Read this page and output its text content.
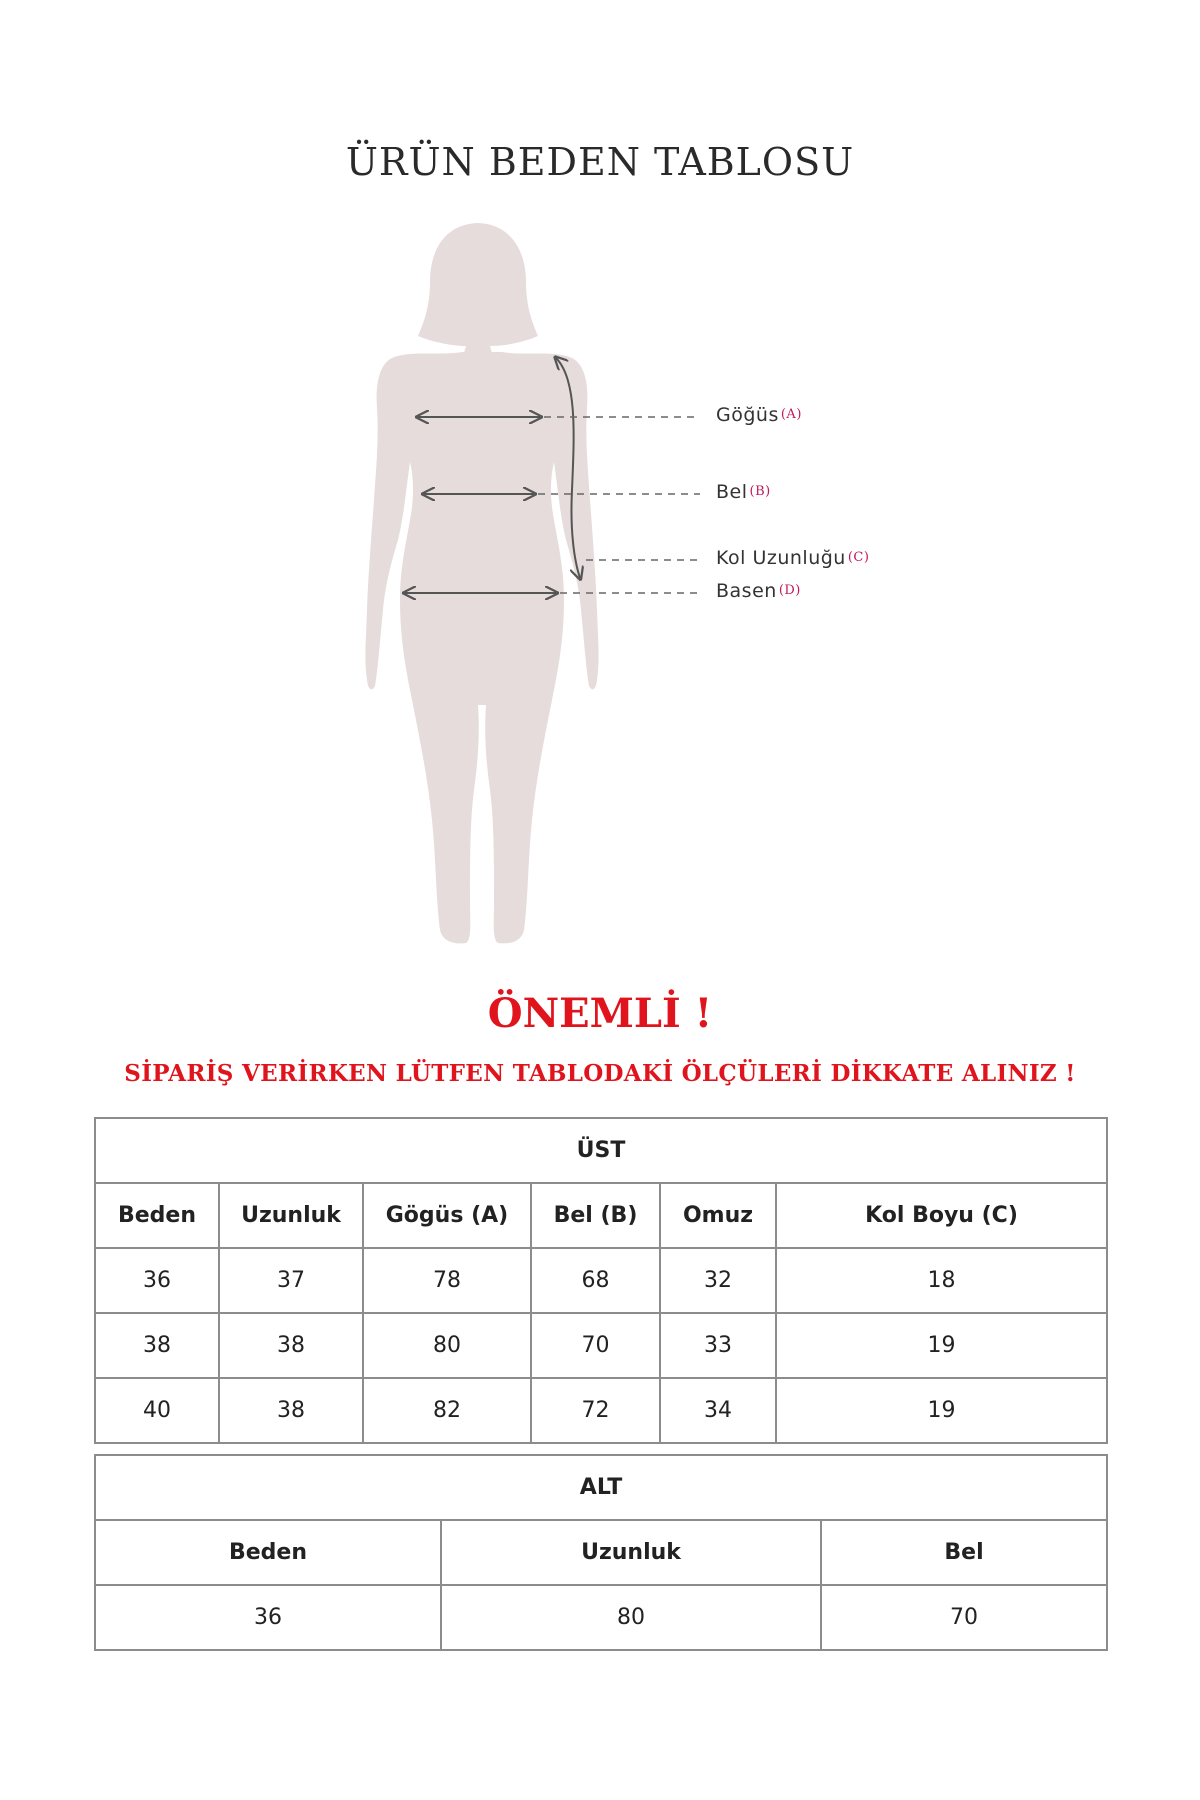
ÜRÜN BEDEN TABLOSU
Göğüs (A)
Bel (B)
Kol Uzunluğu (C)
Basen (D)
ÖNEMLİ !
SİPARİŞ VERİRKEN LÜTFEN TABLODAKİ ÖLÇÜLERİ DİKKATE ALINIZ !
ÜST					
Beden	Uzunluk	Gögüs (A)	Bel (B)	Omuz	Kol Boyu (C)
36	37	78	68	32	18
38	38	80	70	33	19
40	38	82	72	34	19
ALT		
Beden	Uzunluk	Bel
36	80	70
